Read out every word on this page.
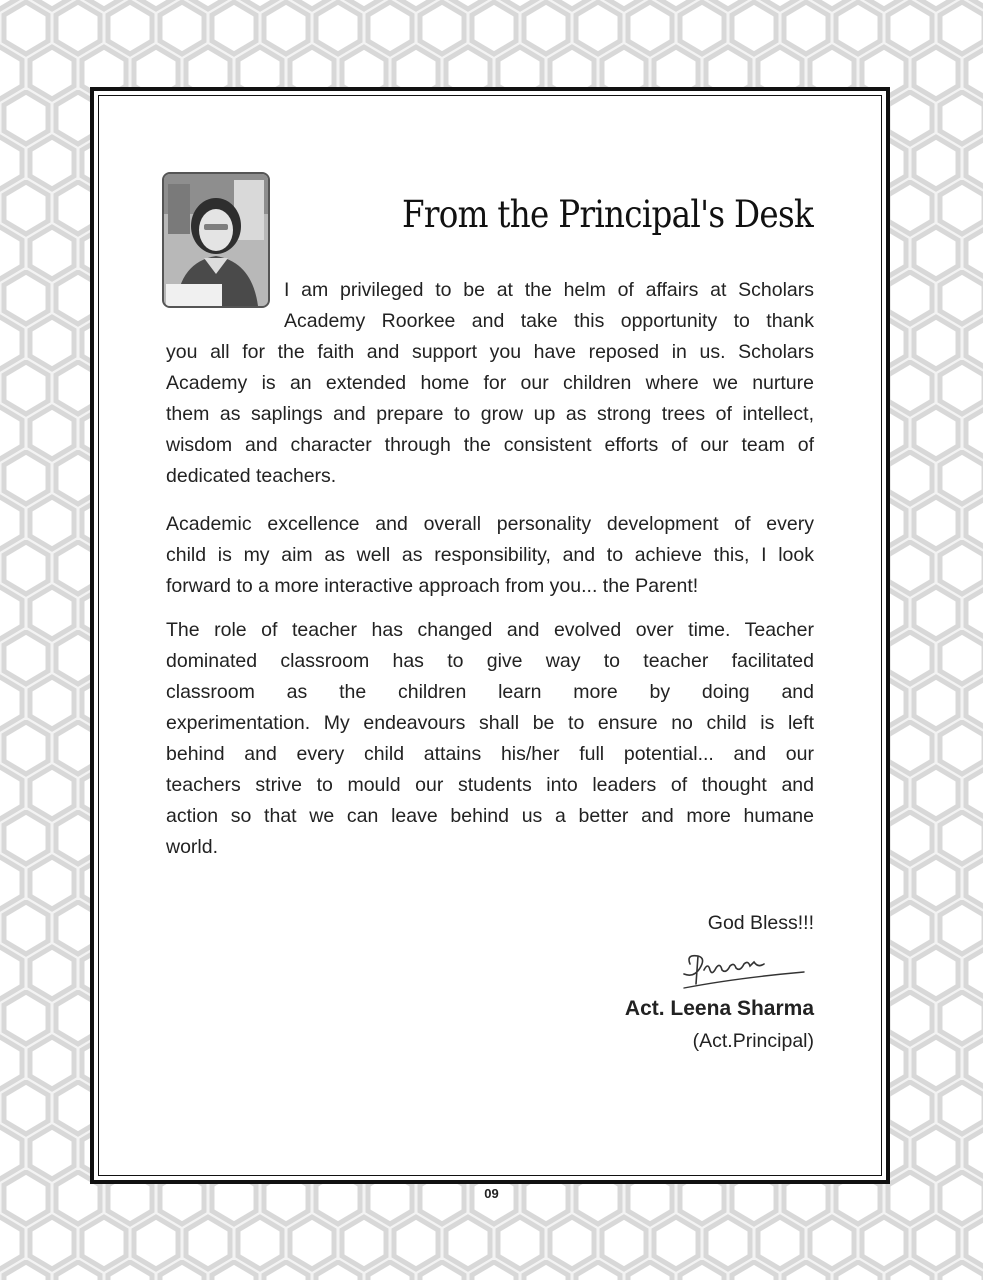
From the Principal's Desk
I am privileged to be at the helm of affairs at Scholars
Academy Roorkee and take this opportunity to thank
you all for the faith and support you have reposed in us. Scholars
Academy is an extended home for our children where we nurture
them as saplings and prepare to grow up as strong trees of intellect,
wisdom and character through the consistent efforts of our team of
dedicated teachers.
Academic excellence and overall personality development of every
child is my aim as well as responsibility, and to achieve this, I look
forward to a more interactive approach from you... the Parent!
The role of teacher has changed and evolved over time. Teacher
dominated classroom has to give way to teacher facilitated
classroom as the children learn more by doing and
experimentation. My endeavours shall be to ensure no child is left
behind and every child attains his/her full potential... and our
teachers strive to mould our students into leaders of thought and
action so that we can leave behind us a better and more humane
world.

God Bless!!!

Act. Leena Sharma

(Act.Principal)

09
